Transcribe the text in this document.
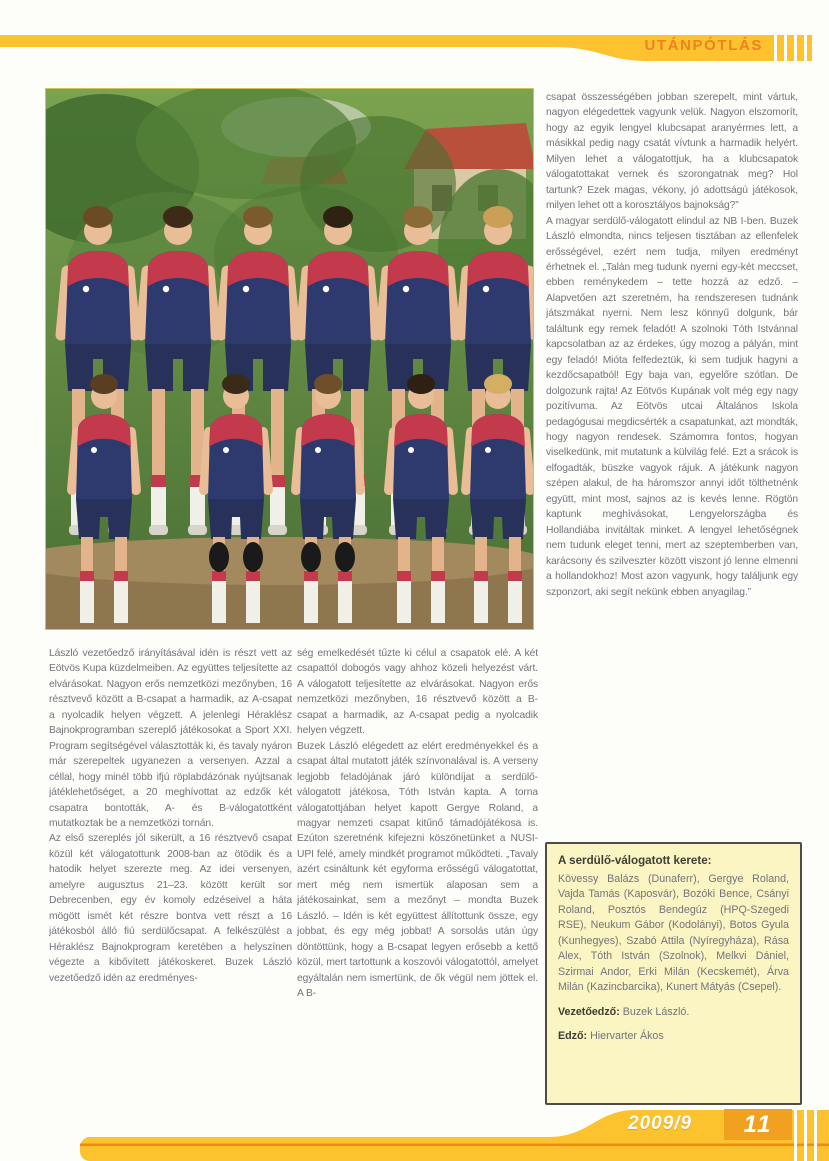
UTÁNPÓTLÁS

László vezetőedző irányításával idén is részt vett az Eötvös Kupa küzdelmeiben. Az együttes teljesítette az elvárásokat. Nagyon erős nemzetközi mezőnyben, 16 résztvevő között a B-csapat a harmadik, az A-csapat a nyolcadik helyen végzett. A jelenlegi Héraklész Bajnokprogramban szereplő játékosokat a Sport XXI. Program segítségével választották ki, és tavaly nyáron már szerepeltek ugyanezen a versenyen. Azzal a céllal, hogy minél több ifjú röplabdázónak nyújtsanak játéklehetőséget, a 20 meghívottat az edzők két csapatra bontották, A- és B-válogatottként mutatkoztak be a nemzetközi tornán.

Az első szereplés jól sikerült, a 16 résztvevő csapat közül két válogatottunk 2008-ban az ötödik és a hatodik helyet szerezte meg. Az idei versenyen, amelyre augusztus 21–23. között került sor Debrecenben, egy év komoly edzéseivel a háta mögött ismét két részre bontva vett részt a 16 játékosból álló fiú serdülőcsapat. A felkészülést a Héraklész Bajnokprogram keretében a helyszínen végezte a kibővített játékoskeret. Buzek László vezetőedző idén az eredményes-

ség emelkedését tűzte ki célul a csapatok elé. A két csapattól dobogós vagy ahhoz közeli helyezést várt. A válogatott teljesítette az elvárásokat. Nagyon erős nemzetközi mezőnyben, 16 résztvevő között a B-csapat a harmadik, az A-csapat pedig a nyolcadik helyen végzett.

Buzek László elégedett az elért eredményekkel és a csapat által mutatott játék színvonalával is. A verseny legjobb feladójának járó különdíjat a serdülő-válogatott játékosa, Tóth István kapta. A torna válogatottjában helyet kapott Gergye Roland, a magyar nemzeti csapat kitűnő támadójátékosa is. Ezúton szeretnénk kifejezni köszönetünket a NUSI-UPI felé, amely mindkét programot működteti. „Tavaly azért csináltunk két egyforma erősségű válogatottat, mert még nem ismertük alaposan sem a játékosainkat, sem a mezőnyt – mondta Buzek László. – Idén is két együttest állítottunk össze, egy jobbat, és egy még jobbat! A sorsolás után úgy döntöttünk, hogy a B-csapat legyen erősebb a kettő közül, mert tartottunk a koszovói válogatottól, amelyet egyáltalán nem ismertünk, de ők végül nem jöttek el. A B-

csapat összességében jobban szerepelt, mint vártuk, nagyon elégedettek vagyunk velük. Nagyon elszomorít, hogy az egyik lengyel klubcsapat aranyérmes lett, a másikkal pedig nagy csatát vívtunk a harmadik helyért. Milyen lehet a válogatottjuk, ha a klubcsapatok válogatottakat vernek és szorongatnak meg? Hol tartunk? Ezek magas, vékony, jó adottságú játékosok, milyen lehet ott a korosztályos bajnokság?”

A magyar serdülő-válogatott elindul az NB I-ben. Buzek László elmondta, nincs teljesen tisztában az ellenfelek erősségével, ezért nem tudja, milyen eredményt érhetnek el. „Talán meg tudunk nyerni egy-két meccset, ebben reménykedem – tette hozzá az edző. – Alapvetően azt szeretném, ha rendszeresen tudnánk játszmákat nyerni. Nem lesz könnyű dolgunk, bár találtunk egy remek feladót! A szolnoki Tóth Istvánnal kapcsolatban az az érdekes, úgy mozog a pályán, mint egy feladó! Mióta felfedeztük, ki sem tudjuk hagyni a kezdőcsapatból! Egy baja van, egyelőre szótlan. De dolgozunk rajta! Az Eötvös Kupának volt még egy nagy pozitívuma. Az Eötvös utcai Általános Iskola pedagógusai megdicsérték a csapatunkat, azt mondták, hogy nagyon rendesek. Számomra fontos, hogyan viselkedünk, mit mutatunk a külvilág felé. Ezt a srácok is elfogadták, büszke vagyok rájuk. A játékunk nagyon szépen alakul, de ha háromszor annyi időt tölthetnénk együtt, mint most, sajnos az is kevés lenne. Rögtön kaptunk meghívásokat, Lengyelországba és Hollandiába invitáltak minket. A lengyel lehetőségnek nem tudunk eleget tenni, mert az szeptemberben van, karácsony és szilveszter között viszont jó lenne elmenni a hollandokhoz! Most azon vagyunk, hogy találjunk egy szponzort, aki segít nekünk ebben anyagilag.”

A serdülő-válogatott kerete:
Kövessy Balázs (Dunaferr), Gergye Roland, Vajda Tamás (Kaposvár), Bozóki Bence, Csányi Roland, Posztós Bendegúz (HPQ-Szegedi RSE), Neukum Gábor (Kodolányi), Botos Gyula (Kunhegyes), Szabó Attila (Nyíregyháza), Rása Alex, Tóth István (Szolnok), Melkvi Dániel, Szirmai Andor, Erki Milán (Kecskemét), Árva Milán (Kazincbarcika), Kunert Mátyás (Csepel).
Vezetőedző: Buzek László.
Edző: Hiervarter Ákos
2009/9 11
